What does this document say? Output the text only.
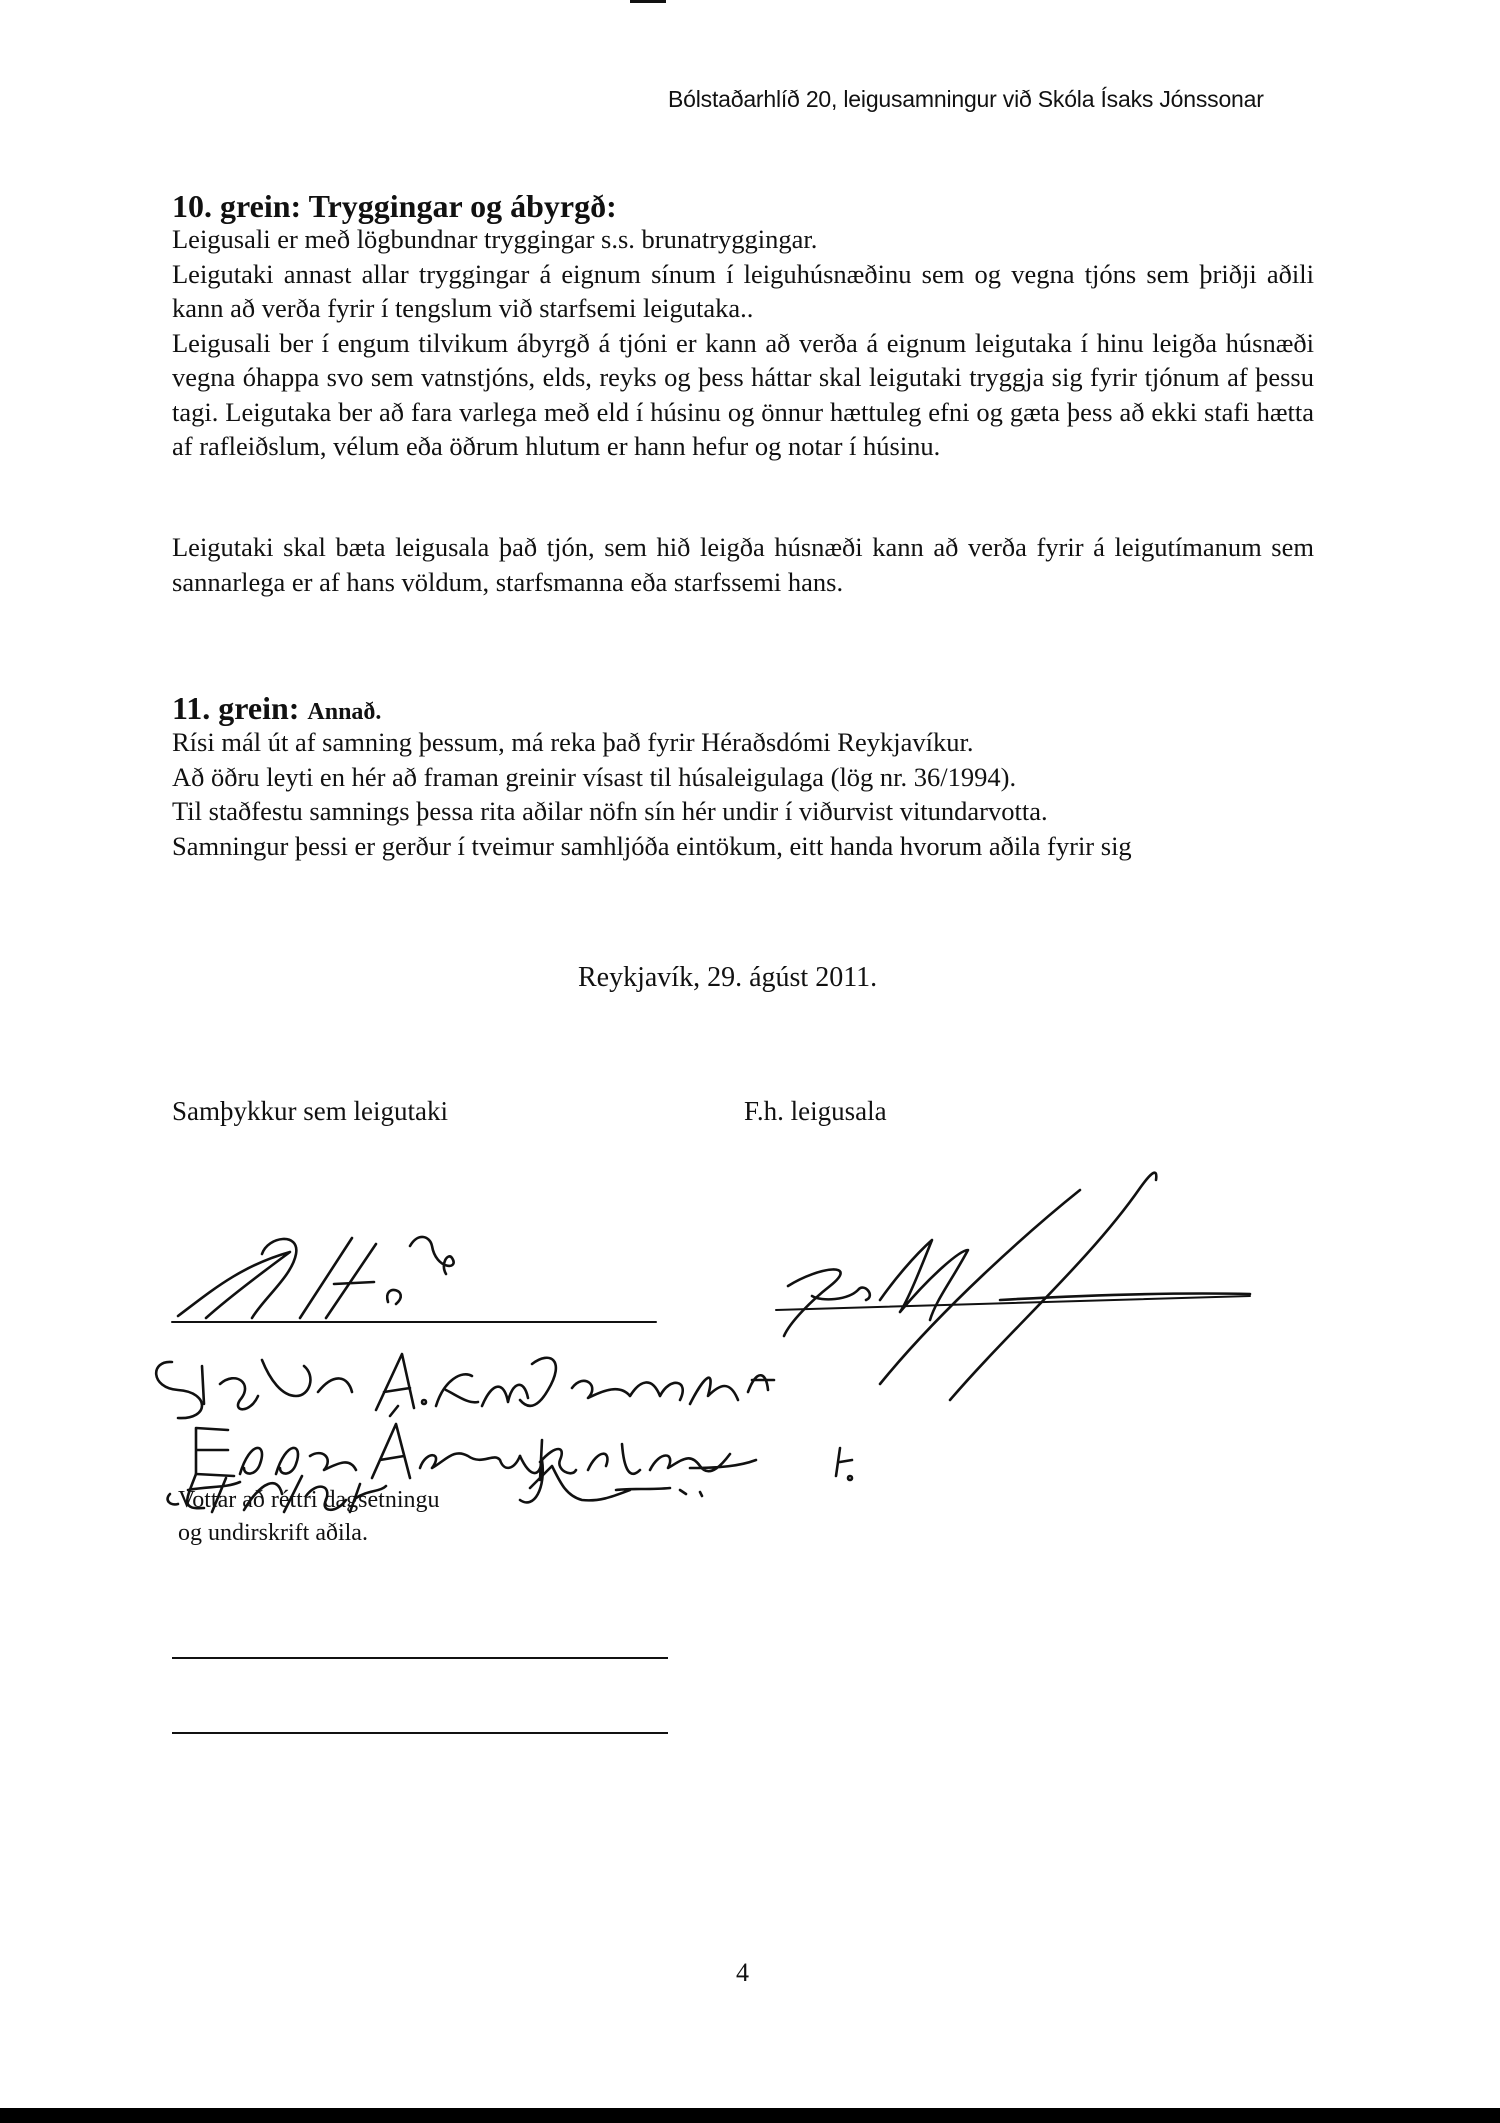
Bólstaðarhlíð 20, leigusamningur við Skóla Ísaks Jónssonar
10. grein: Tryggingar og ábyrgð:

Leigusali er með lögbundnar tryggingar s.s. brunatryggingar.

Leigutaki annast allar tryggingar á eignum sínum í leiguhúsnæðinu sem og vegna tjóns sem þriðji aðili kann að verða fyrir í tengslum við starfsemi leigutaka..

Leigusali ber í engum tilvikum ábyrgð á tjóni er kann að verða á eignum leigutaka í hinu leigða húsnæði vegna óhappa svo sem vatnstjóns, elds, reyks og þess háttar skal leigutaki tryggja sig fyrir tjónum af þessu tagi. Leigutaka ber að fara varlega með eld í húsinu og önnur hættuleg efni og gæta þess að ekki stafi hætta af rafleiðslum, vélum eða öðrum hlutum er hann hefur og notar í húsinu.

Leigutaki skal bæta leigusala það tjón, sem hið leigða húsnæði kann að verða fyrir á leigutímanum sem sannarlega er af hans völdum, starfsmanna eða starfssemi hans.

11. grein: Annað.

Rísi mál út af samning þessum, má reka það fyrir Héraðsdómi Reykjavíkur.

Að öðru leyti en hér að framan greinir vísast til húsaleigulaga (lög nr. 36/1994).

Til staðfestu samnings þessa rita aðilar nöfn sín hér undir í viðurvist vitundarvotta.

Samningur þessi er gerður í tveimur samhljóða eintökum, eitt handa hvorum aðila fyrir sig

Reykjavík, 29. ágúst 2011.
Samþykkur sem leigutaki	F.h. leigusala

Vottar að réttri dagsetningu

og undirskrift aðila.

4
